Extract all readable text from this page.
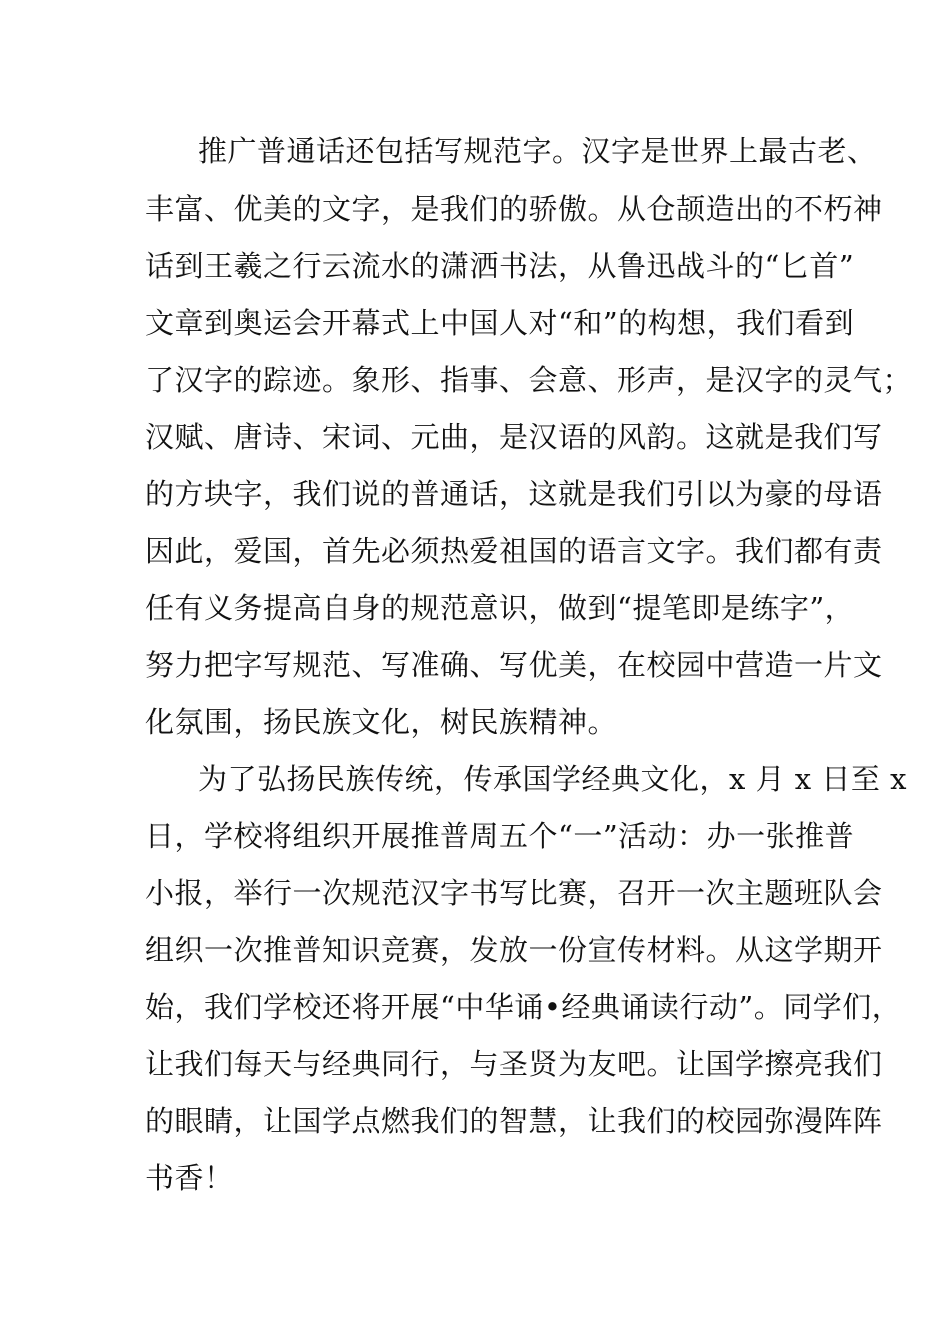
推广普通话还包括写规范字。汉字是世界上最古老、
丰富、优美的文字，是我们的骄傲。从仓颉造出的不朽神
话到王羲之行云流水的潇洒书法，从鲁迅战斗的“匕首”
文章到奥运会开幕式上中国人对“和”的构想，我们看到
了汉字的踪迹。象形、指事、会意、形声，是汉字的灵气；
汉赋、唐诗、宋词、元曲，是汉语的风韵。这就是我们写
的方块字，我们说的普通话，这就是我们引以为豪的母语
因此，爱国，首先必须热爱祖国的语言文字。我们都有责
任有义务提高自身的规范意识，做到“提笔即是练字”，
努力把字写规范、写准确、写优美，在校园中营造一片文
化氛围，扬民族文化，树民族精神。
为了弘扬民族传统，传承国学经典文化，x 月 x 日至 x
日，学校将组织开展推普周五个“一”活动：办一张推普
小报，举行一次规范汉字书写比赛，召开一次主题班队会
组织一次推普知识竞赛，发放一份宣传材料。从这学期开
始，我们学校还将开展“中华诵•经典诵读行动”。同学们，
让我们每天与经典同行，与圣贤为友吧。让国学擦亮我们
的眼睛，让国学点燃我们的智慧，让我们的校园弥漫阵阵
书香！
